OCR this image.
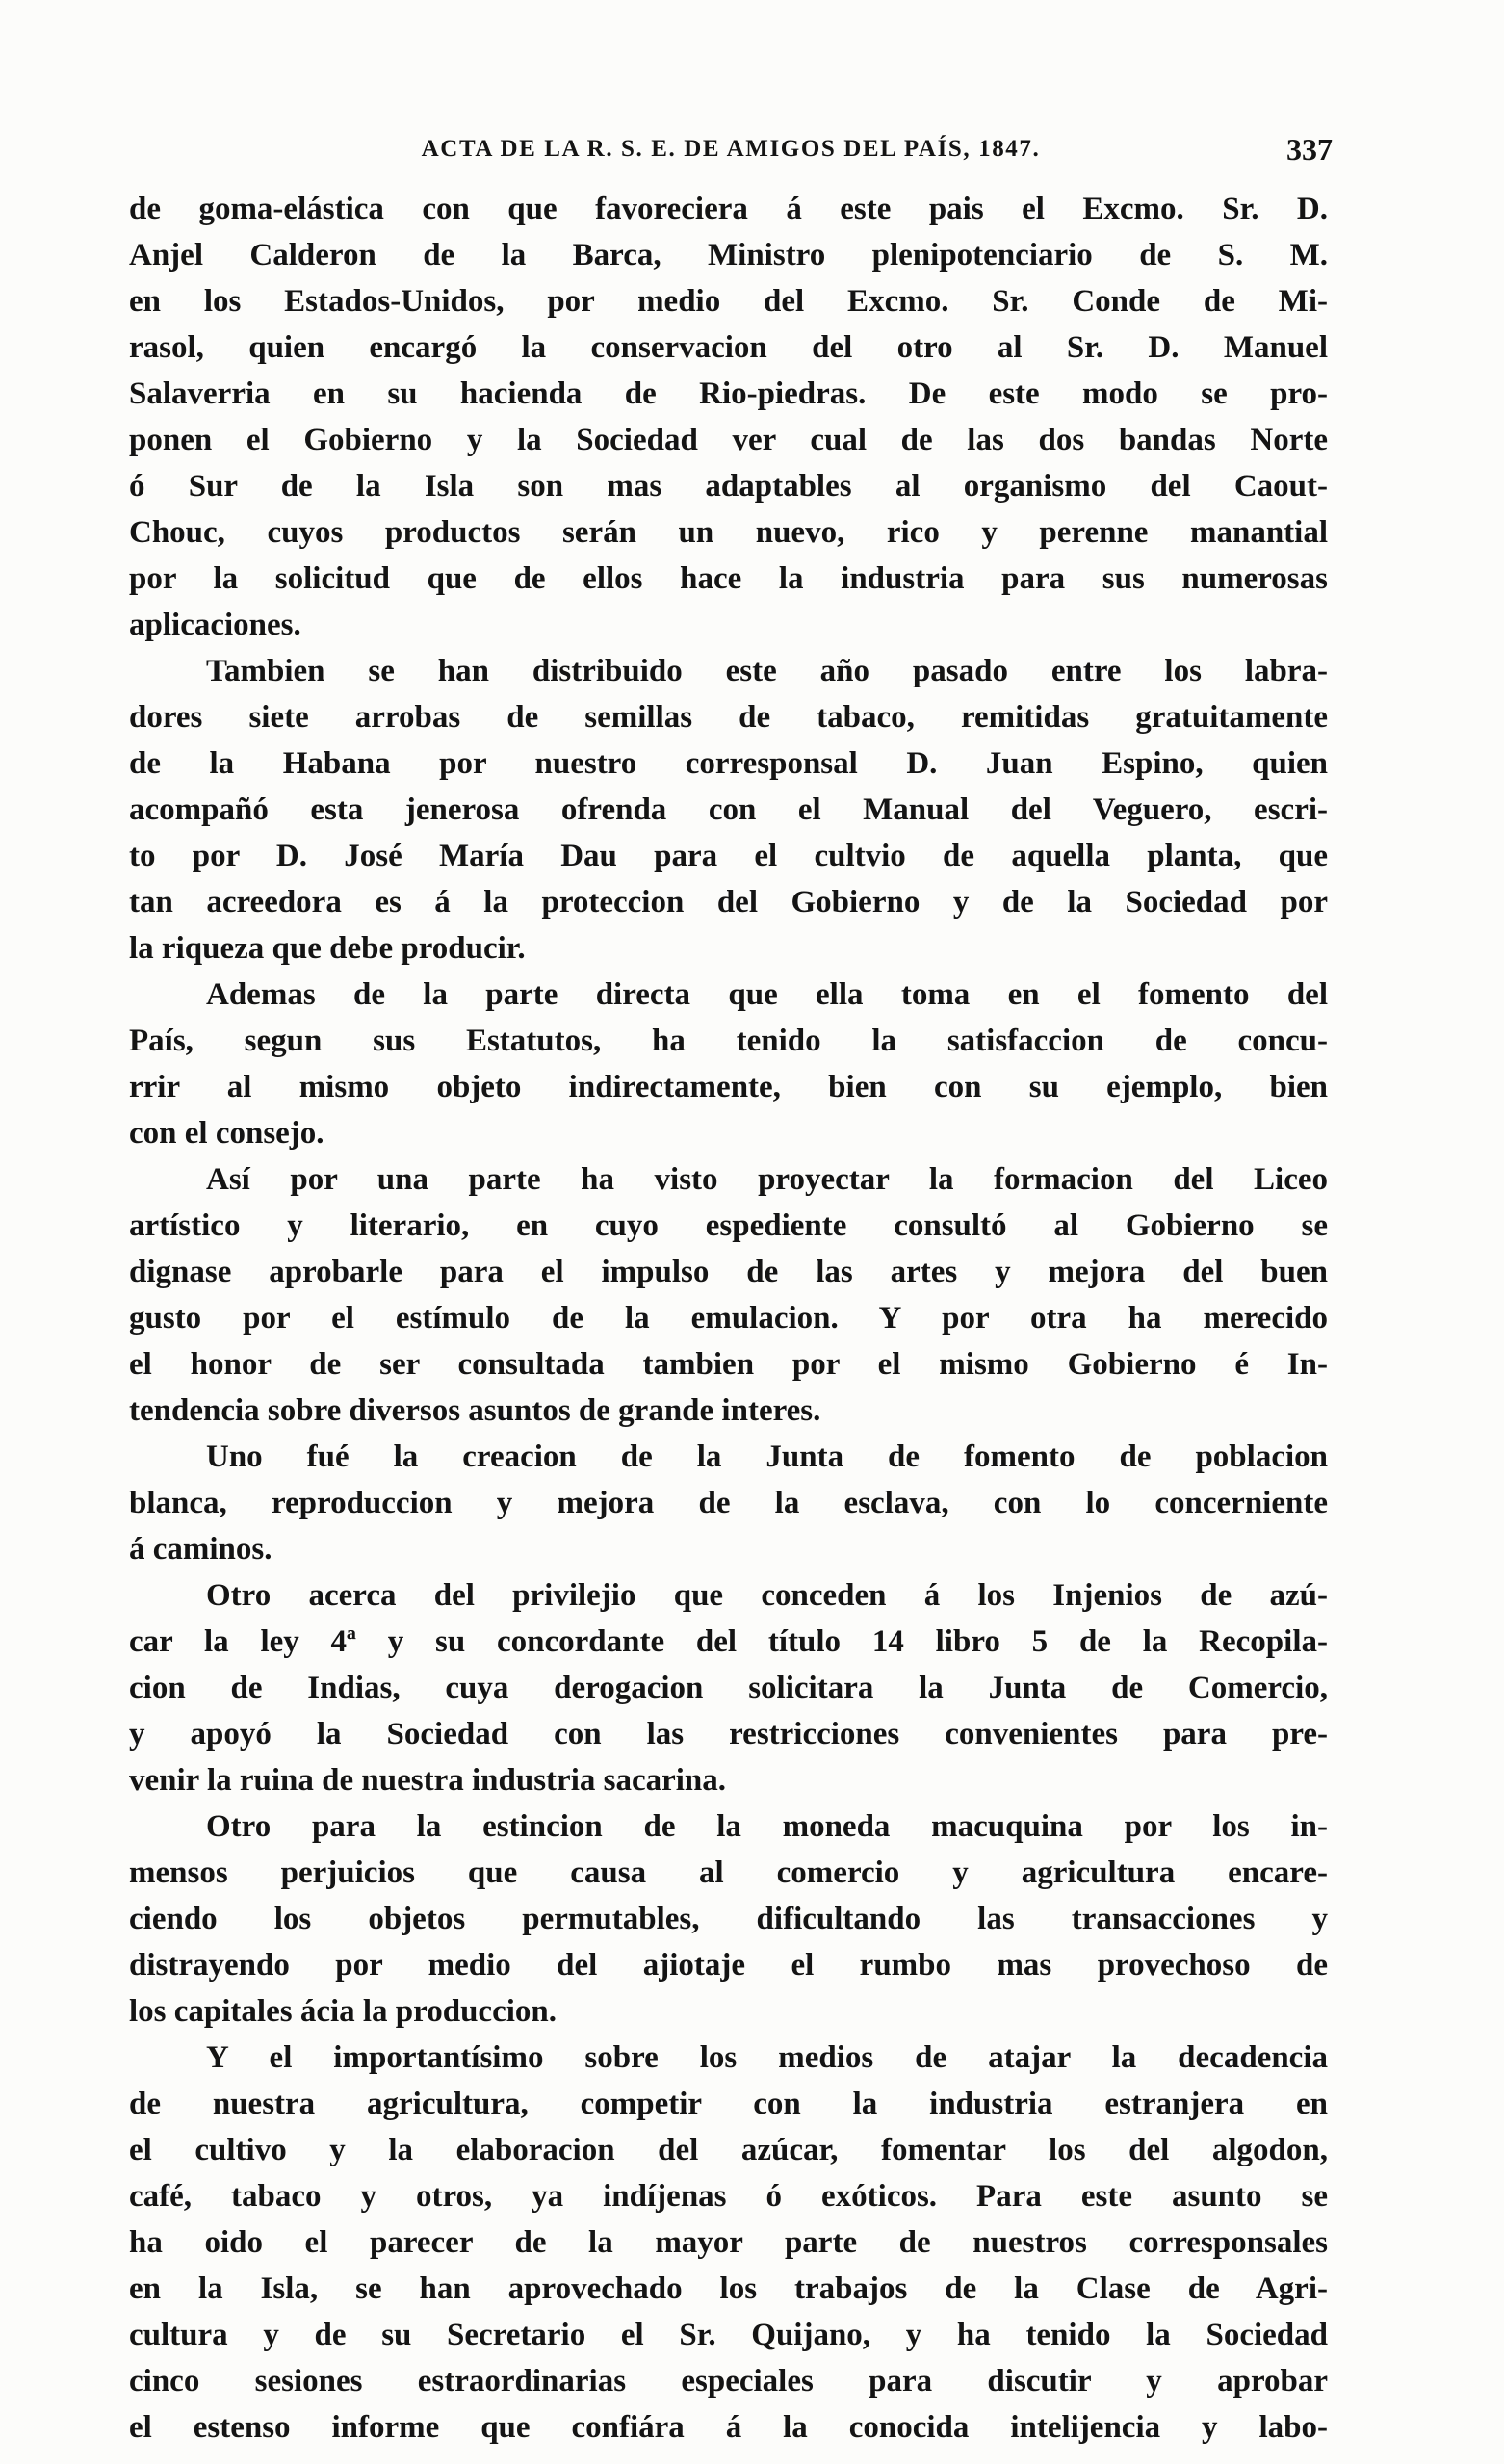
ACTA DE LA R. S. E. DE AMIGOS DEL PAÍS, 1847.	337
de goma-elástica con que favoreciera á este pais el Excmo. Sr. D.
Anjel Calderon de la Barca, Ministro plenipotenciario de S. M.
en los Estados-Unidos, por medio del Excmo. Sr. Conde de Mi-
rasol, quien encargó la conservacion del otro al Sr. D. Manuel
Salaverria en su hacienda de Rio-piedras. De este modo se pro-
ponen el Gobierno y la Sociedad ver cual de las dos bandas Norte
ó Sur de la Isla son mas adaptables al organismo del Caout-
Chouc, cuyos productos serán un nuevo, rico y perenne manantial
por la solicitud que de ellos hace la industria para sus numerosas
aplicaciones.
Tambien se han distribuido este año pasado entre los labra-
dores siete arrobas de semillas de tabaco, remitidas gratuitamente
de la Habana por nuestro corresponsal D. Juan Espino, quien
acompañó esta jenerosa ofrenda con el Manual del Veguero, escri-
to por D. José María Dau para el cultvio de aquella planta, que
tan acreedora es á la proteccion del Gobierno y de la Sociedad por
la riqueza que debe producir.
Ademas de la parte directa que ella toma en el fomento del
País, segun sus Estatutos, ha tenido la satisfaccion de concu-
rrir al mismo objeto indirectamente, bien con su ejemplo, bien
con el consejo.
Así por una parte ha visto proyectar la formacion del Liceo
artístico y literario, en cuyo espediente consultó al Gobierno se
dignase aprobarle para el impulso de las artes y mejora del buen
gusto por el estímulo de la emulacion. Y por otra ha merecido
el honor de ser consultada tambien por el mismo Gobierno é In-
tendencia sobre diversos asuntos de grande interes.
Uno fué la creacion de la Junta de fomento de poblacion
blanca, reproduccion y mejora de la esclava, con lo concerniente
á caminos.
Otro acerca del privilejio que conceden á los Injenios de azú-
car la ley 4ª y su concordante del título 14 libro 5 de la Recopila-
cion de Indias, cuya derogacion solicitara la Junta de Comercio,
y apoyó la Sociedad con las restricciones convenientes para pre-
venir la ruina de nuestra industria sacarina.
Otro para la estincion de la moneda macuquina por los in-
mensos perjuicios que causa al comercio y agricultura encare-
ciendo los objetos permutables, dificultando las transacciones y
distrayendo por medio del ajiotaje el rumbo mas provechoso de
los capitales ácia la produccion.
Y el importantísimo sobre los medios de atajar la decadencia
de nuestra agricultura, competir con la industria estranjera en
el cultivo y la elaboracion del azúcar, fomentar los del algodon,
café, tabaco y otros, ya indíjenas ó exóticos. Para este asunto se
ha oido el parecer de la mayor parte de nuestros corresponsales
en la Isla, se han aprovechado los trabajos de la Clase de Agri-
cultura y de su Secretario el Sr. Quijano, y ha tenido la Sociedad
cinco sesiones estraordinarias especiales para discutir y aprobar
el estenso informe que confiára á la conocida intelijencia y labo-
